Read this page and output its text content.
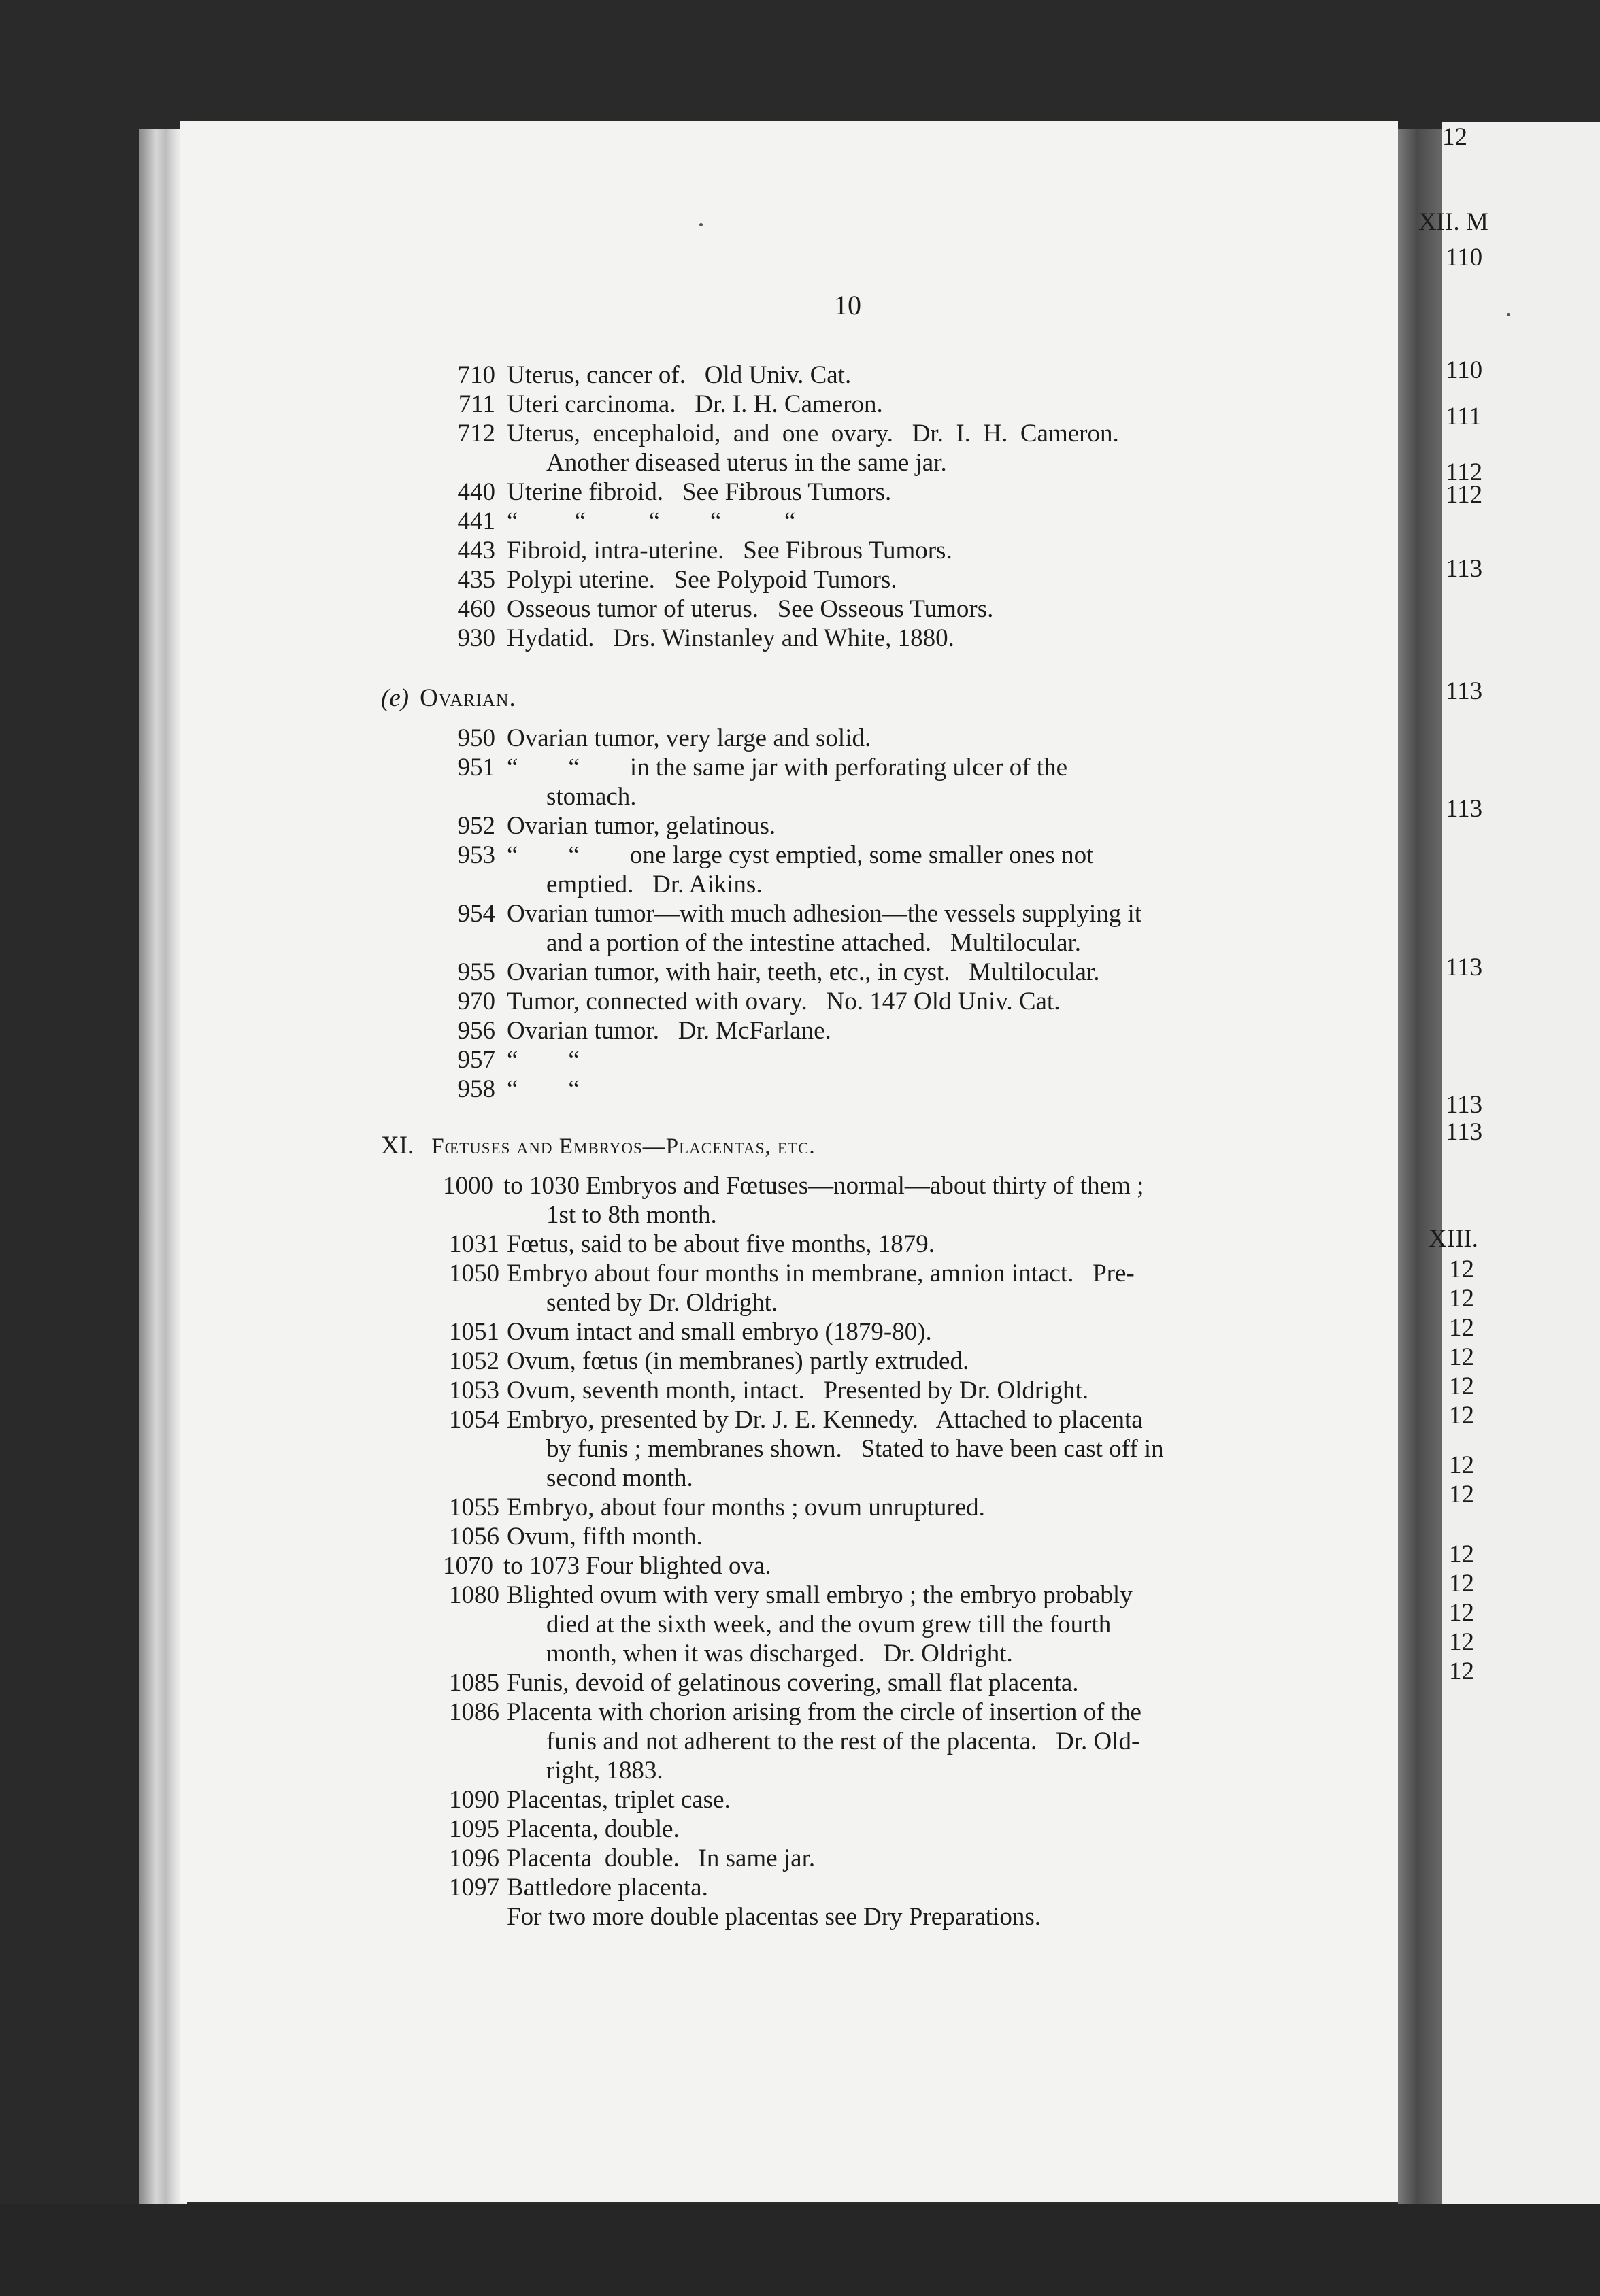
XII. M
110
110
111
112
112
113
113
113
113
113
113
XIII.
12
12
12
12
12
12
12
12
12
12
12
12
12
12
10
710 Uterus, cancer of.   Old Univ. Cat.
711 Uteri carcinoma.   Dr. I. H. Cameron.
712 Uterus,  encephaloid,  and  one  ovary.   Dr.  I.  H.  Cameron.
Another diseased uterus in the same jar.
440 Uterine fibroid.   See Fibrous Tumors.
441 “         “          “        “          “
443 Fibroid, intra-uterine.   See Fibrous Tumors.
435 Polypi uterine.   See Polypoid Tumors.
460 Osseous tumor of uterus.   See Osseous Tumors.
930 Hydatid.   Drs. Winstanley and White, 1880.
(e) Ovarian.
950 Ovarian tumor, very large and solid.
951 “        “        in the same jar with perforating ulcer of the
stomach.
952 Ovarian tumor, gelatinous.
953 “        “        one large cyst emptied, some smaller ones not
emptied.   Dr. Aikins.
954 Ovarian tumor—with much adhesion—the vessels supplying it
and a portion of the intestine attached.   Multilocular.
955 Ovarian tumor, with hair, teeth, etc., in cyst.   Multilocular.
970 Tumor, connected with ovary.   No. 147 Old Univ. Cat.
956 Ovarian tumor.   Dr. McFarlane.
957 “        “
958 “        “
XI. Fœtuses and Embryos—Placentas, etc.
1000 to 1030 Embryos and Fœtuses—normal—about thirty of them ;
1st to 8th month.
1031 Fœtus, said to be about five months, 1879.
1050 Embryo about four months in membrane, amnion intact.   Pre-
sented by Dr. Oldright.
1051 Ovum intact and small embryo (1879-80).
1052 Ovum, fœtus (in membranes) partly extruded.
1053 Ovum, seventh month, intact.   Presented by Dr. Oldright.
1054 Embryo, presented by Dr. J. E. Kennedy.   Attached to placenta
by funis ; membranes shown.   Stated to have been cast off in
second month.
1055 Embryo, about four months ; ovum unruptured.
1056 Ovum, fifth month.
1070 to 1073 Four blighted ova.
1080 Blighted ovum with very small embryo ; the embryo probably
died at the sixth week, and the ovum grew till the fourth
month, when it was discharged.   Dr. Oldright.
1085 Funis, devoid of gelatinous covering, small flat placenta.
1086 Placenta with chorion arising from the circle of insertion of the
funis and not adherent to the rest of the placenta.   Dr. Old-
right, 1883.
1090 Placentas, triplet case.
1095 Placenta, double.
1096 Placenta  double.   In same jar.
1097 Battledore placenta.
For two more double placentas see Dry Preparations.
